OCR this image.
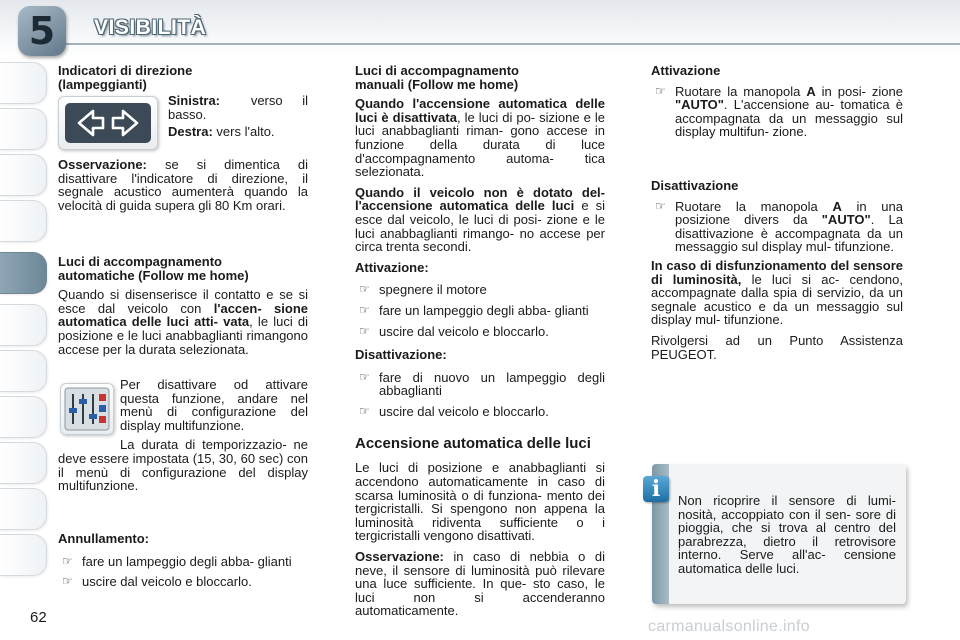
5	VISIBILITÀ
Indicatori di direzione
(lampeggianti)
Sinistra: verso il
basso.
Destra: vers l'alto.

Osservazione: se si dimentica di disattivare l'indicatore di direzione, il segnale acustico aumenterà quando la velocità di guida supera gli 80 Km orari.

Luci di accompagnamento
automatiche (Follow me home)

Quando si disenserisce il contatto e se si esce dal veicolo con l'accen- sione automatica delle luci atti- vata, le luci di posizione e le luci anabbaglianti rimangono accese per la durata selezionata.

Per disattivare od attivare questa funzione, andare nel menù di configurazione del display multifunzione.

La durata di temporizzazio- ne deve essere impostata (15, 30, 60 sec) con il menù di configurazione del display multifunzione.

Annullamento:
☞ fare un lampeggio degli abba- glianti
☞ uscire dal veicolo e bloccarlo.
Luci di accompagnamento
manuali (Follow me home)

Quando l'accensione automatica delle luci è disattivata, le luci di po- sizione e le luci anabbaglianti riman- gono accese in funzione della durata di luce d'accompagnamento automa- tica selezionata.

Quando il veicolo non è dotato del- l'accensione automatica delle luci e si esce dal veicolo, le luci di posi- zione e le luci anabbaglianti rimango- no accese per circa trenta secondi.

Attivazione:
☞ spegnere il motore
☞ fare un lampeggio degli abba- glianti
☞ uscire dal veicolo e bloccarlo.
Disattivazione:
☞ fare di nuovo un lampeggio degli abbaglianti
☞ uscire dal veicolo e bloccarlo.
Accensione automatica delle luci

Le luci di posizione e anabbaglianti si accendono automaticamente in caso di scarsa luminosità o di funziona- mento dei tergicristalli. Si spengono non appena la luminosità ridiventa sufficiente o i tergicristalli vengono disattivati.

Osservazione: in caso di nebbia o di neve, il sensore di luminosità può rilevare una luce sufficiente. In que- sto caso, le luci non si accenderanno automaticamente.

Attivazione
☞ Ruotare la manopola A in posi- zione "AUTO". L'accensione au- tomatica è accompagnata da un messaggio sul display multifun- zione.
Disattivazione
☞ Ruotare la manopola A in una posizione divers da "AUTO". La disattivazione è accompagnata da un messaggio sul display mul- tifunzione.

In caso di disfunzionamento del sensore di luminosità, le luci si ac- cendono, accompagnate dalla spia di servizio, da un segnale acustico e da un messaggio sul display mul- tifunzione.

Rivolgersi ad un Punto Assistenza PEUGEOT.

i	Non ricoprire il sensore di lumi- nosità, accoppiato con il sen- sore di pioggia, che si trova al centro del parabrezza, dietro il retrovisore interno. Serve all'ac- censione automatica delle luci.

62
carmanualsonline.info
